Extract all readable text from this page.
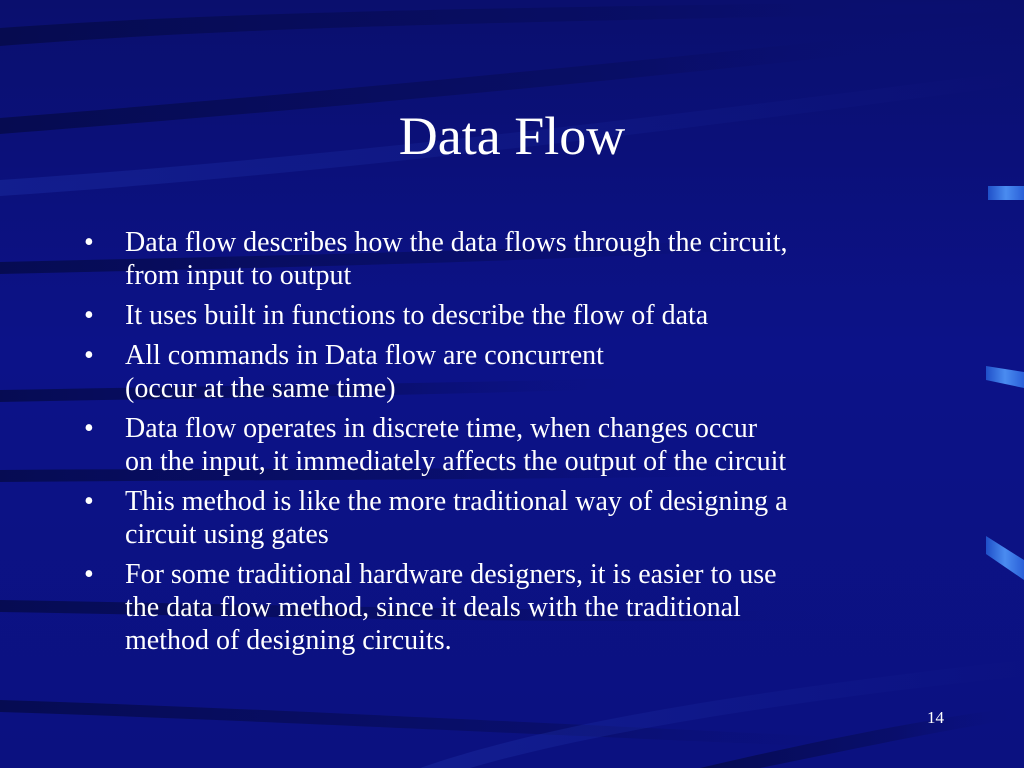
Data Flow
•	Data flow describes how the data flows through the circuit,
from input to output
•	It uses built in functions to describe the flow of data
•	All commands in Data flow are concurrent
(occur at the same time)
•	Data flow operates in discrete time, when changes occur
on the input, it immediately affects the output of the circuit
•	This method is like the more traditional way of designing a
circuit using gates
•	For some traditional hardware designers, it is easier to use
the data flow method, since it deals with the traditional
method of designing circuits.
14
